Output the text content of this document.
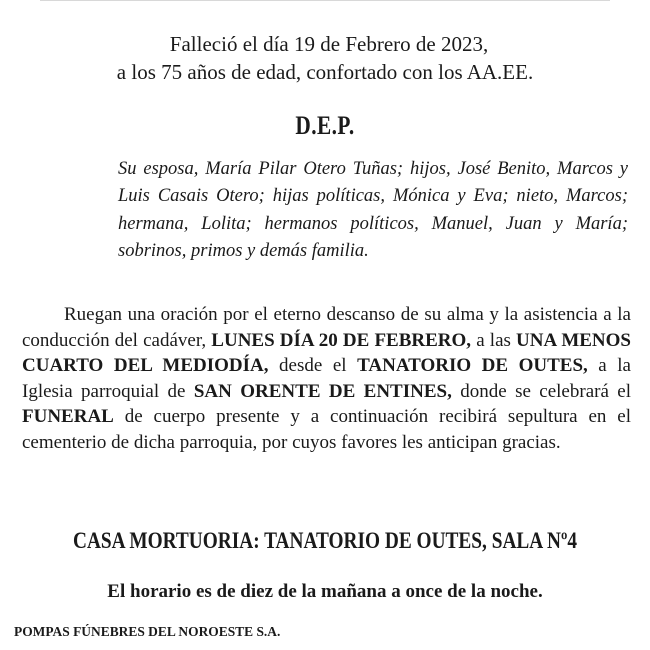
Falleció el día 19 de Febrero de 2023,
a los 75 años de edad, confortado con los AA.EE.
D.E.P.
Su esposa, María Pilar Otero Tuñas; hijos, José Benito, Marcos y Luis Casais Otero; hijas políticas, Mónica y Eva; nieto, Marcos; hermana, Lolita; hermanos políticos, Manuel, Juan y María; sobrinos, primos y demás familia.

Ruegan una oración por el eterno descanso de su alma y la asistencia a la conducción del cadáver, LUNES DÍA 20 DE FEBRERO, a las UNA MENOS CUARTO DEL MEDIODÍA, desde el TANATORIO DE OUTES, a la Iglesia parroquial de SAN ORENTE DE ENTINES, donde se celebrará el FUNERAL de cuerpo presente y a continuación recibirá sepultura en el cementerio de dicha parroquia, por cuyos favores les anticipan gracias.

CASA MORTUORIA: TANATORIO DE OUTES, SALA Nº4
El horario es de diez de la mañana a once de la noche.
POMPAS FÚNEBRES DEL NOROESTE S.A.
